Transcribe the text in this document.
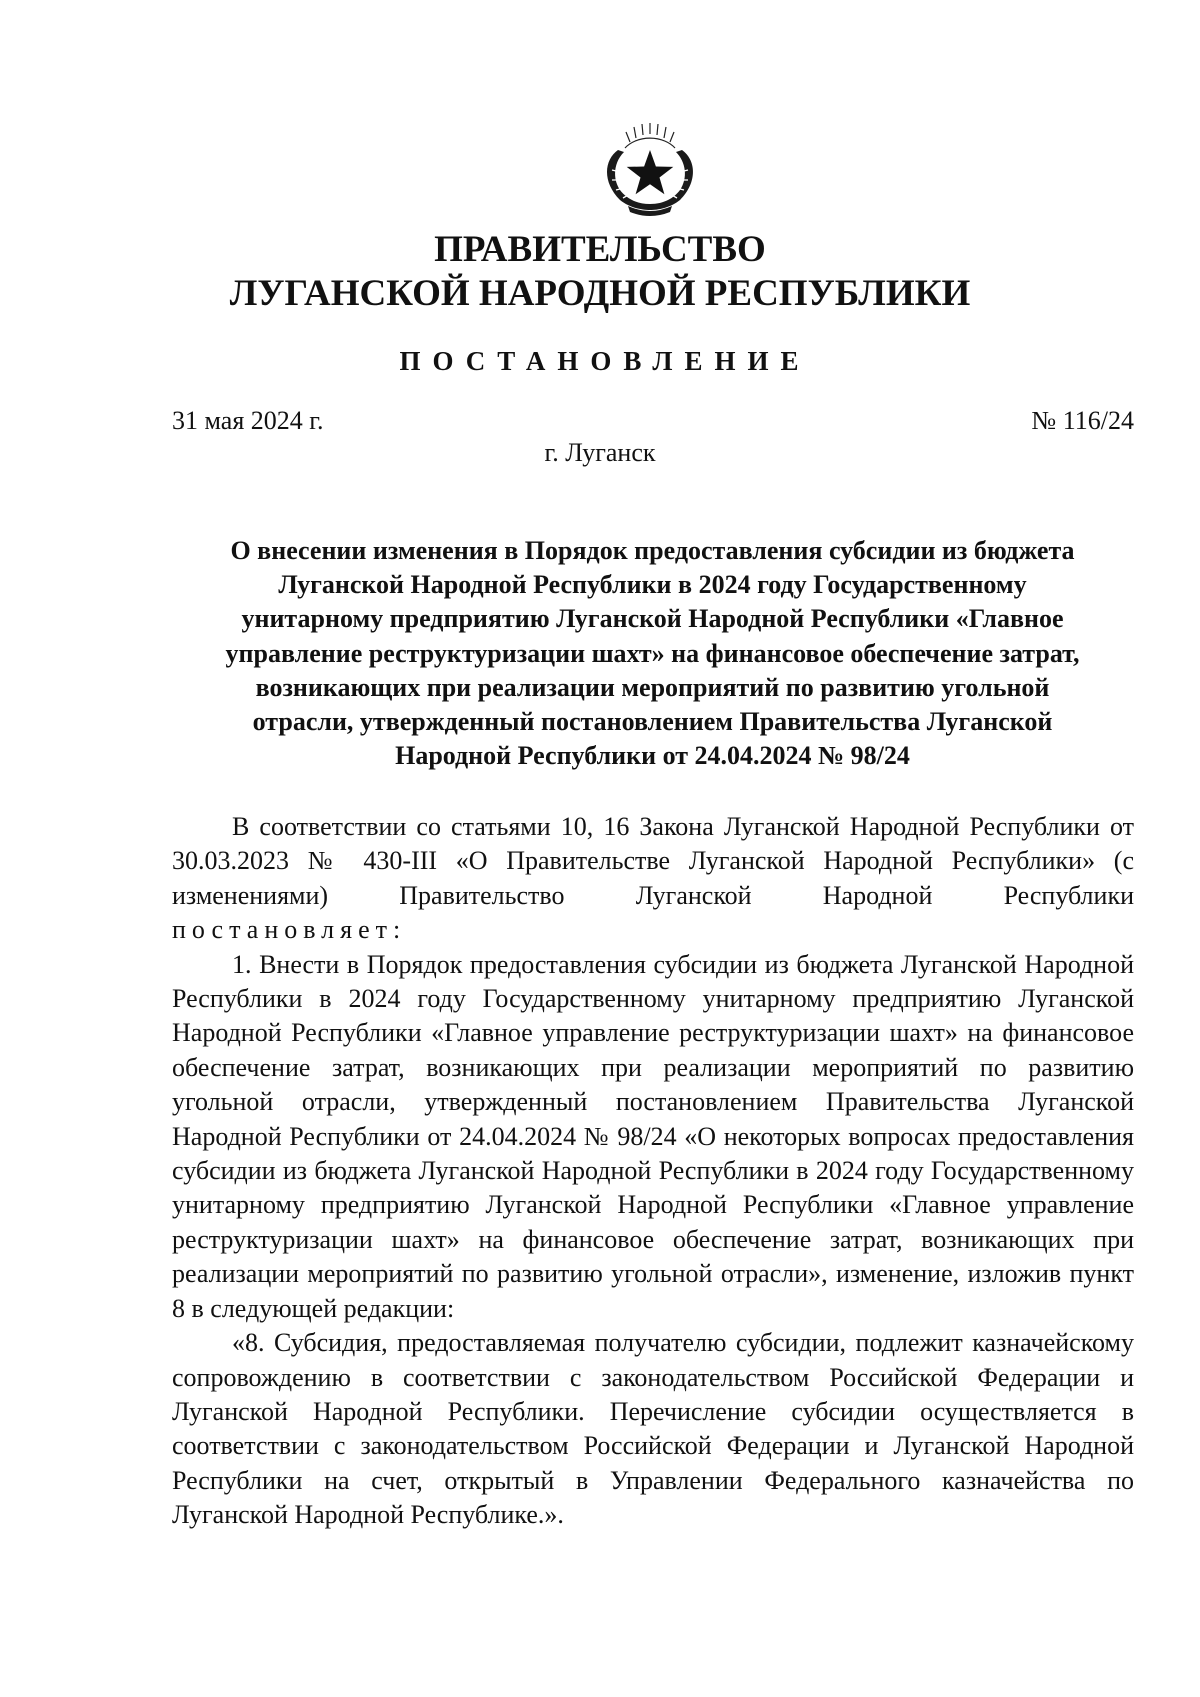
ПРАВИТЕЛЬСТВО
ЛУГАНСКОЙ НАРОДНОЙ РЕСПУБЛИКИ
ПОСТАНОВЛЕНИЕ
31 мая 2024 г.	№ 116/24
г. Луганск
О внесении изменения в Порядок предоставления субсидии из бюджета
Луганской Народной Республики в 2024 году Государственному
унитарному предприятию Луганской Народной Республики «Главное
управление реструктуризации шахт» на финансовое обеспечение затрат,
возникающих при реализации мероприятий по развитию угольной
отрасли, утвержденный постановлением Правительства Луганской
Народной Республики от 24.04.2024 № 98/24

В соответствии со статьями 10, 16 Закона Луганской Народной Республики от 30.03.2023 № 430-III «О Правительстве Луганской Народной Республики» (с изменениями) Правительство Луганской Народной Республики

постановляет:

1. Внести в Порядок предоставления субсидии из бюджета Луганской Народной Республики в 2024 году Государственному унитарному предприятию Луганской Народной Республики «Главное управление реструктуризации шахт» на финансовое обеспечение затрат, возникающих при реализации мероприятий по развитию угольной отрасли, утвержденный постановлением Правительства Луганской Народной Республики от 24.04.2024 № 98/24 «О некоторых вопросах предоставления субсидии из бюджета Луганской Народной Республики в 2024 году Государственному унитарному предприятию Луганской Народной Республики «Главное управление реструктуризации шахт» на финансовое обеспечение затрат, возникающих при реализации мероприятий по развитию угольной отрасли», изменение, изложив пункт 8 в следующей редакции:

«8. Субсидия, предоставляемая получателю субсидии, подлежит казначейскому сопровождению в соответствии с законодательством Российской Федерации и Луганской Народной Республики. Перечисление субсидии осуществляется в соответствии с законодательством Российской Федерации и Луганской Народной Республики на счет, открытый в Управлении Федерального казначейства по Луганской Народной Республике.».
